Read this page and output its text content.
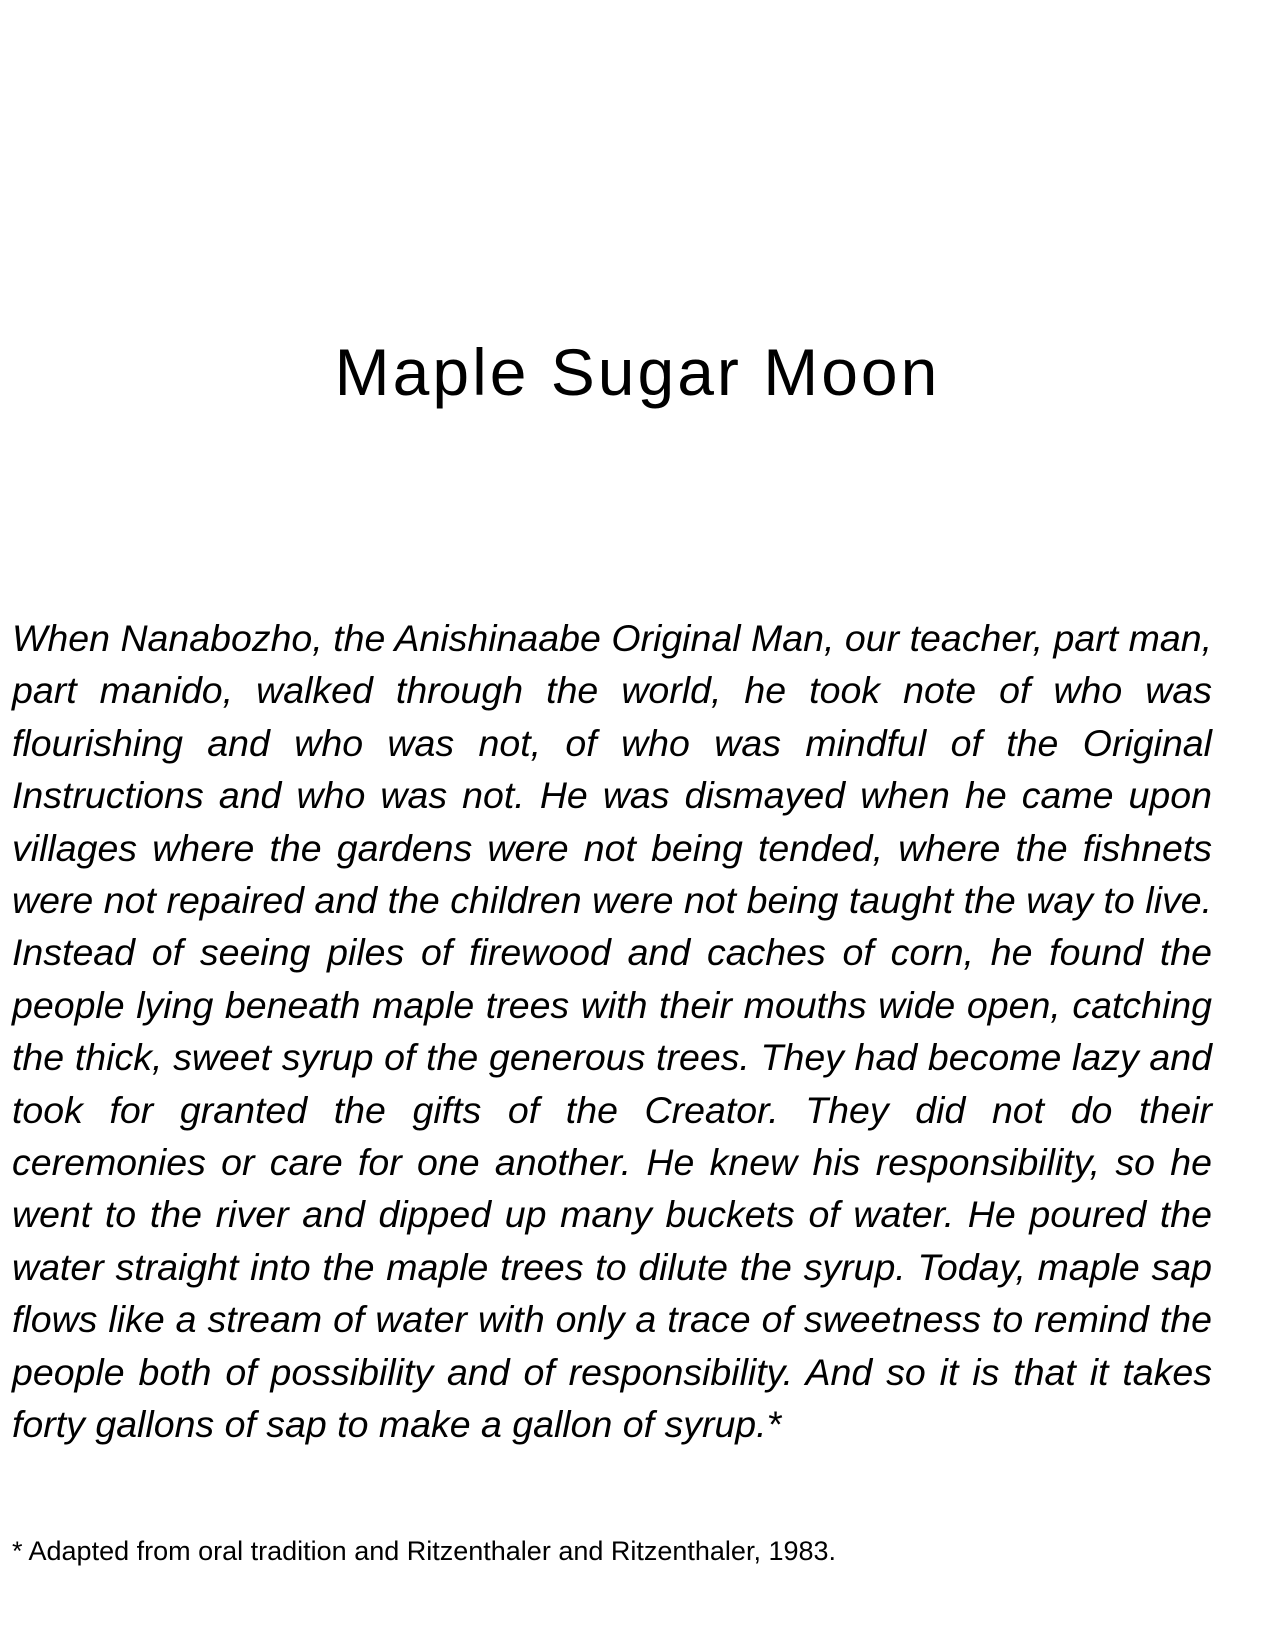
Maple Sugar Moon

When Nanabozho, the Anishinaabe Original Man, our teacher, part man, part manido, walked through the world, he took note of who was flourishing and who was not, of who was mindful of the Original Instructions and who was not. He was dismayed when he came upon villages where the gardens were not being tended, where the fishnets were not repaired and the children were not being taught the way to live. Instead of seeing piles of firewood and caches of corn, he found the people lying beneath maple trees with their mouths wide open, catching the thick, sweet syrup of the generous trees. They had become lazy and took for granted the gifts of the Creator. They did not do their ceremonies or care for one another. He knew his responsibility, so he went to the river and dipped up many buckets of water. He poured the water straight into the maple trees to dilute the syrup. Today, maple sap flows like a stream of water with only a trace of sweetness to remind the people both of possibility and of responsibility. And so it is that it takes forty gallons of sap to make a gallon of syrup.*

* Adapted from oral tradition and Ritzenthaler and Ritzenthaler, 1983.
